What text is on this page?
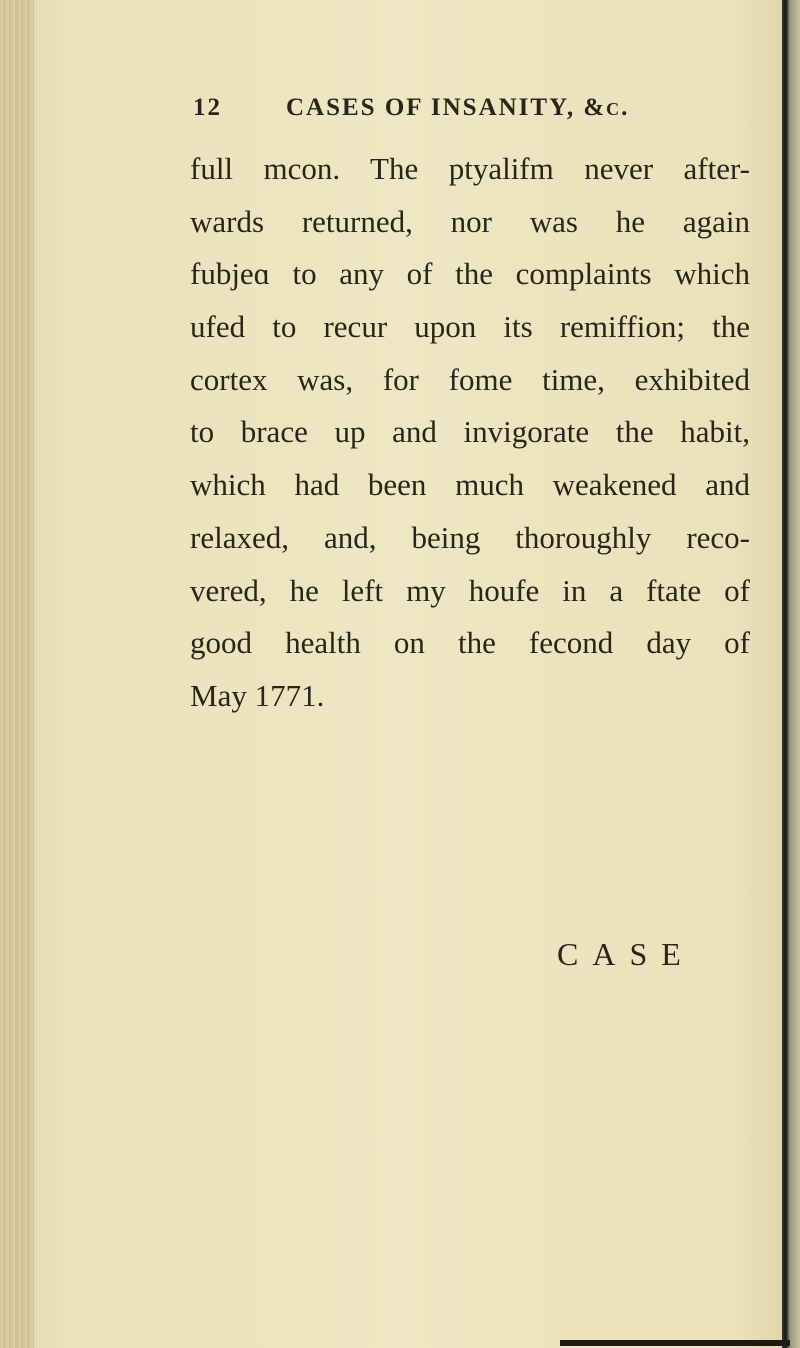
12	CASES OF INSANITY, &c.
full mcon. The ptyalifm never after-
wards returned, nor was he again
fubjeɑ to any of the complaints which
ufed to recur upon its remiffion; the
cortex was, for fome time, exhibited
to brace up and invigorate the habit,
which had been much weakened and
relaxed, and, being thoroughly reco-
vered, he left my houfe in a ftate of
good health on the fecond day of
May 1771.
CASE
